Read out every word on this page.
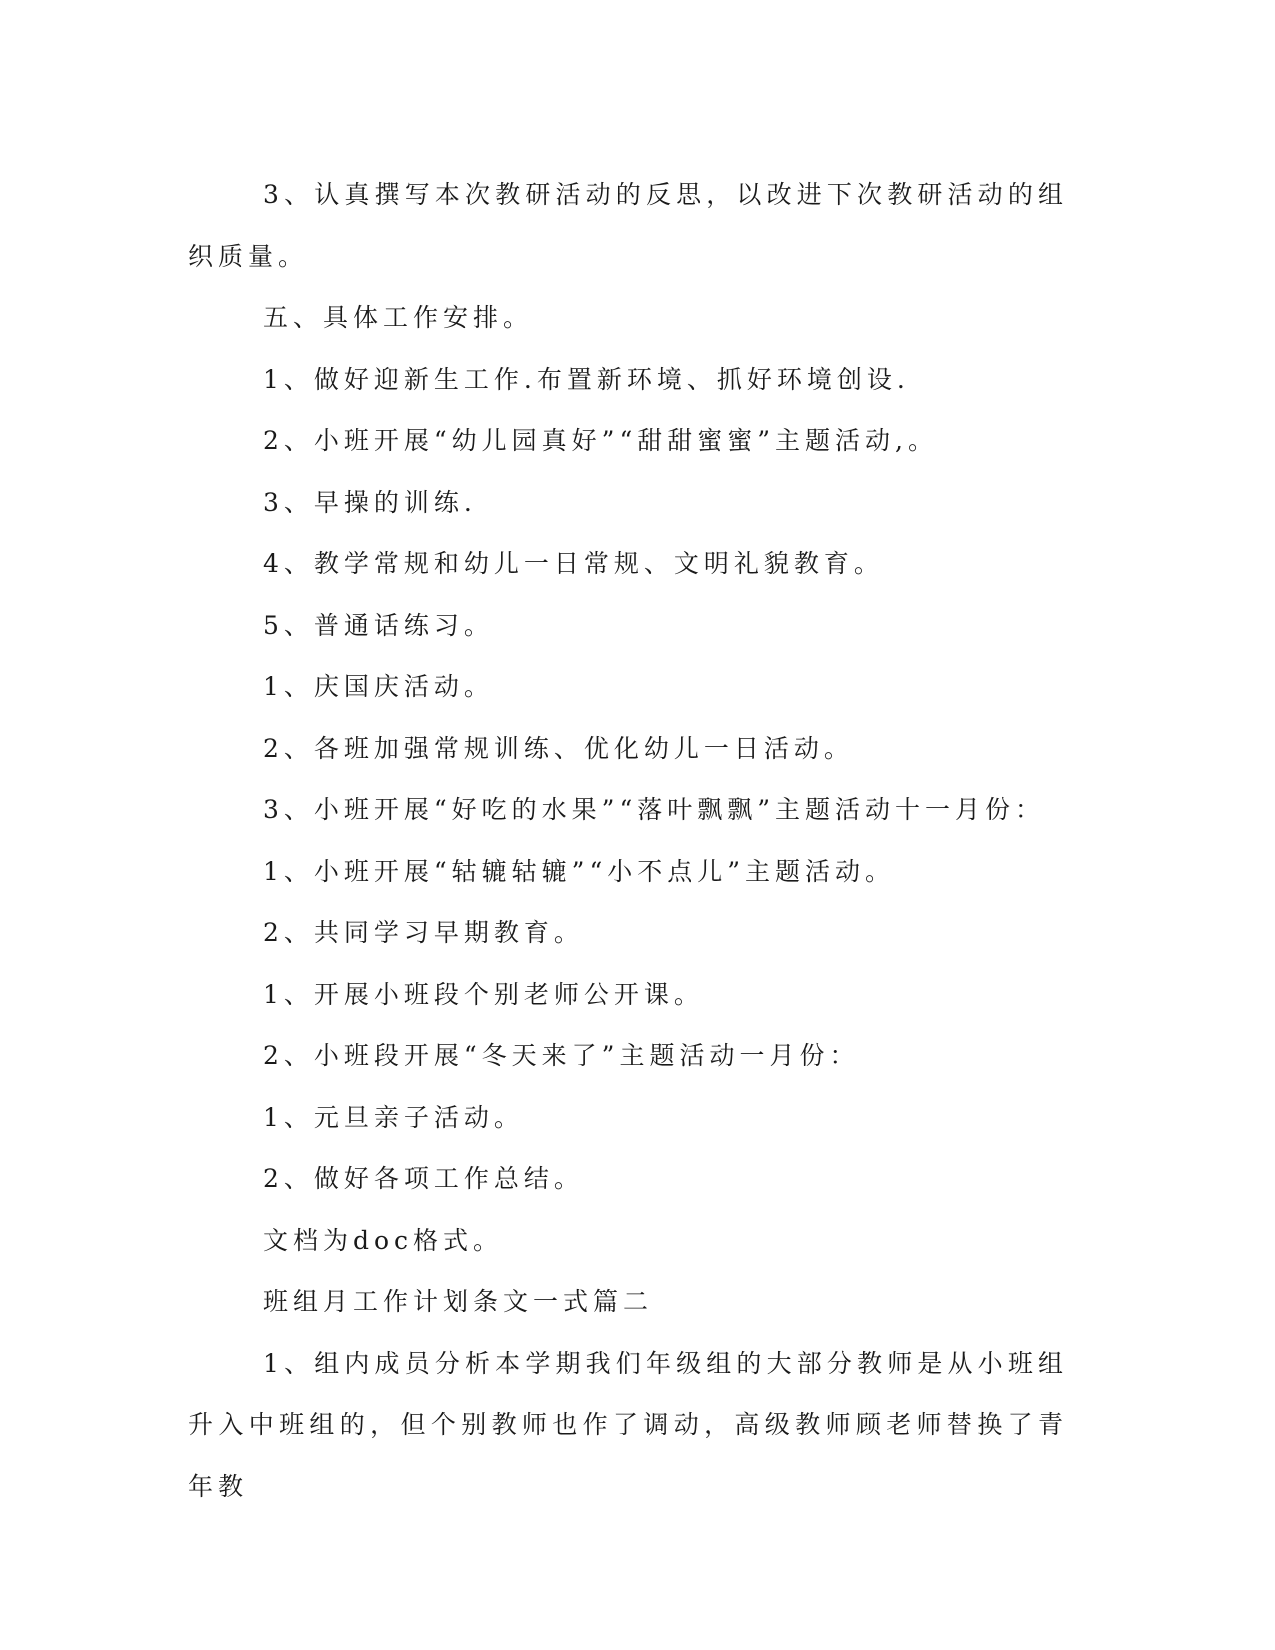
3、认真撰写本次教研活动的反思，以改进下次教研活动的组织质量。

五、具体工作安排。

1、做好迎新生工作.布置新环境、抓好环境创设.

2、小班开展“幼儿园真好”“甜甜蜜蜜”主题活动,。

3、早操的训练.

4、教学常规和幼儿一日常规、文明礼貌教育。

5、普通话练习。

1、庆国庆活动。

2、各班加强常规训练、优化幼儿一日活动。

3、小班开展“好吃的水果”“落叶飘飘”主题活动十一月份：

1、小班开展“轱辘轱辘”“小不点儿”主题活动。

2、共同学习早期教育。

1、开展小班段个别老师公开课。

2、小班段开展“冬天来了”主题活动一月份：

1、元旦亲子活动。

2、做好各项工作总结。

文档为doc格式。

班组月工作计划条文一式篇二

1、组内成员分析本学期我们年级组的大部分教师是从小班组升入中班组的，但个别教师也作了调动，高级教师顾老师替换了青年教
